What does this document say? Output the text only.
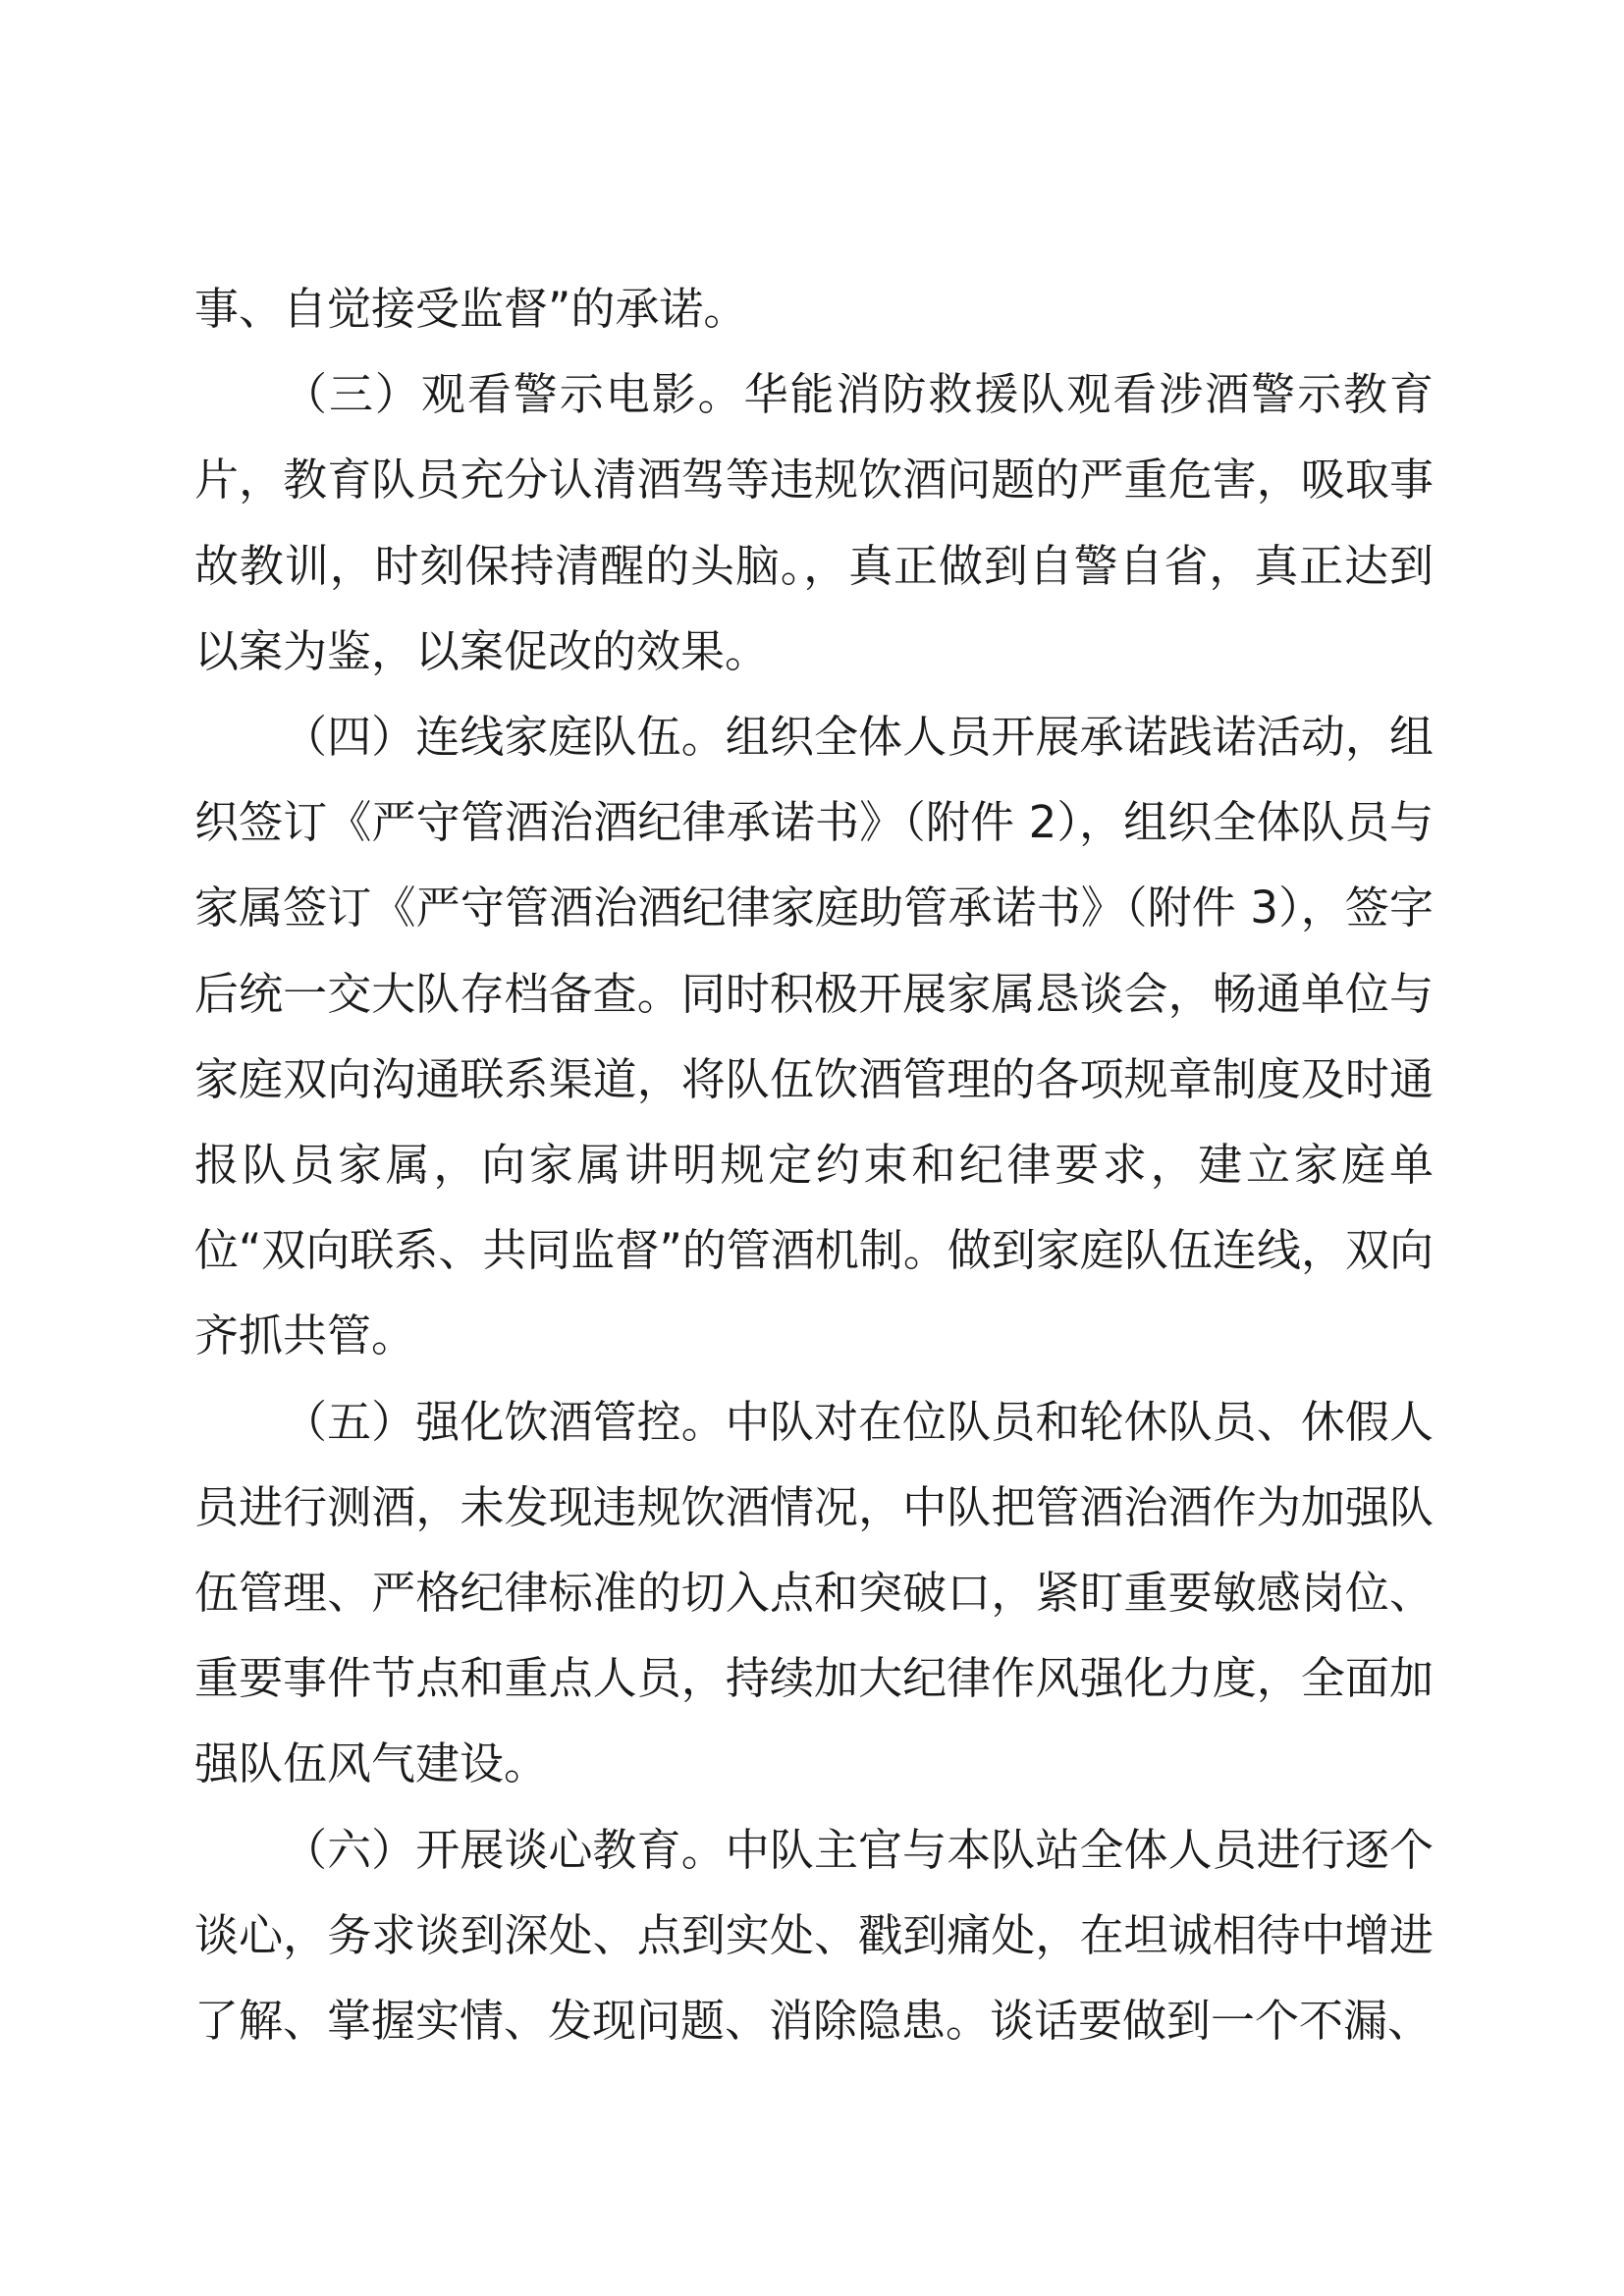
事、自觉接受监督”的承诺。

（三）观看警示电影。华能消防救援队观看涉酒警示教育片，教育队员充分认清酒驾等违规饮酒问题的严重危害，吸取事故教训，时刻保持清醒的头脑。，真正做到自警自省，真正达到以案为鉴，以案促改的效果。

（四）连线家庭队伍。组织全体人员开展承诺践诺活动，组织签订《严守管酒治酒纪律承诺书》（附件 2），组织全体队员与家属签订《严守管酒治酒纪律家庭助管承诺书》（附件 3），签字后统一交大队存档备查。同时积极开展家属恳谈会，畅通单位与家庭双向沟通联系渠道，将队伍饮酒管理的各项规章制度及时通报队员家属，向家属讲明规定约束和纪律要求，建立家庭单位“双向联系、共同监督”的管酒机制。做到家庭队伍连线，双向齐抓共管。

（五）强化饮酒管控。中队对在位队员和轮休队员、休假人员进行测酒，未发现违规饮酒情况，中队把管酒治酒作为加强队伍管理、严格纪律标准的切入点和突破口，紧盯重要敏感岗位、重要事件节点和重点人员，持续加大纪律作风强化力度，全面加强队伍风气建设。

（六）开展谈心教育。中队主官与本队站全体人员进行逐个谈心，务求谈到深处、点到实处、戳到痛处，在坦诚相待中增进了解、掌握实情、发现问题、消除隐患。谈话要做到一个不漏、
